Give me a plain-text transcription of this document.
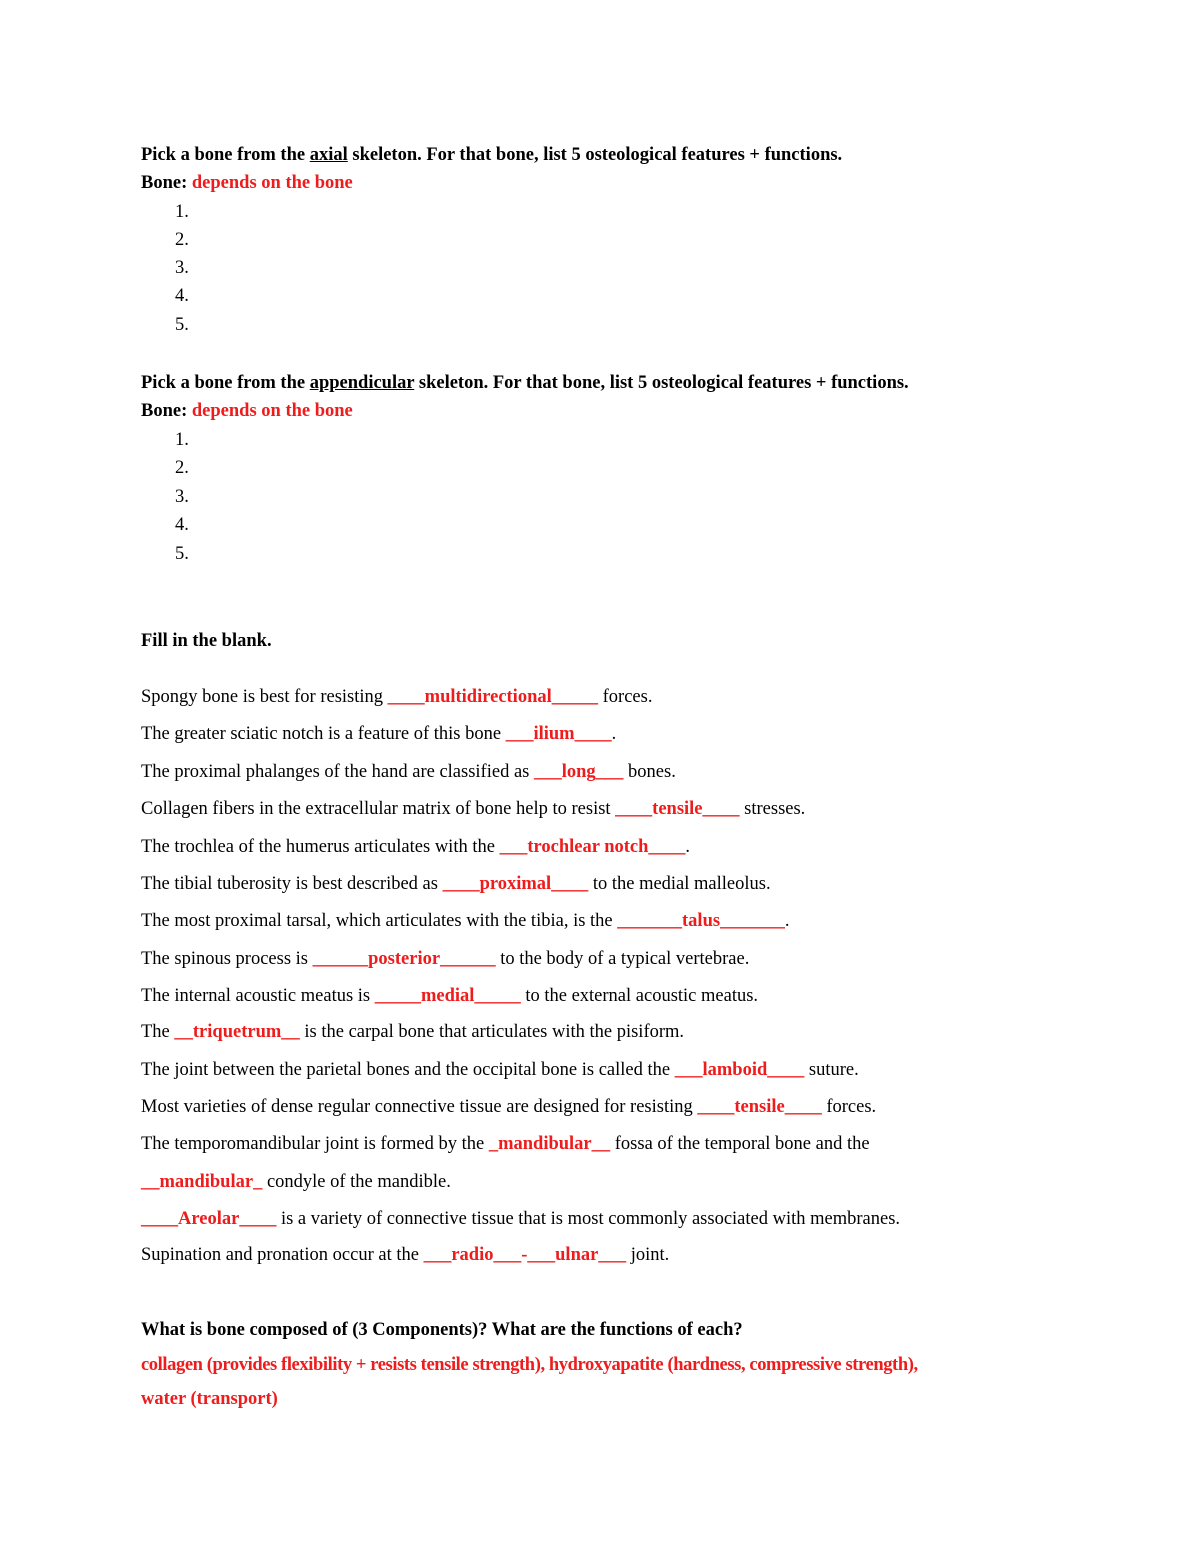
Pick a bone from the axial skeleton. For that bone, list 5 osteological features + functions.
Bone: depends on the bone
1.
2.
3.
4.
5.
Pick a bone from the appendicular skeleton. For that bone, list 5 osteological features + functions.
Bone: depends on the bone
1.
2.
3.
4.
5.
Fill in the blank.
Spongy bone is best for resisting ____multidirectional_____ forces.
The greater sciatic notch is a feature of this bone ___ilium____.
The proximal phalanges of the hand are classified as ___long___ bones.
Collagen fibers in the extracellular matrix of bone help to resist ____tensile____ stresses.
The trochlea of the humerus articulates with the ___trochlear notch____.
The tibial tuberosity is best described as ____proximal____ to the medial malleolus.
The most proximal tarsal, which articulates with the tibia, is the _______talus_______.
The spinous process is ______posterior______ to the body of a typical vertebrae.
The internal acoustic meatus is _____medial_____ to the external acoustic meatus.
The __triquetrum__ is the carpal bone that articulates with the pisiform.
The joint between the parietal bones and the occipital bone is called the ___lamboid____ suture.
Most varieties of dense regular connective tissue are designed for resisting ____tensile____ forces.
The temporomandibular joint is formed by the _mandibular__ fossa of the temporal bone and the
__mandibular_ condyle of the mandible.
____Areolar____ is a variety of connective tissue that is most commonly associated with membranes.
Supination and pronation occur at the ___radio___-___ulnar___ joint.
What is bone composed of (3 Components)? What are the functions of each?
collagen (provides flexibility + resists tensile strength), hydroxyapatite (hardness, compressive strength),
water (transport)
